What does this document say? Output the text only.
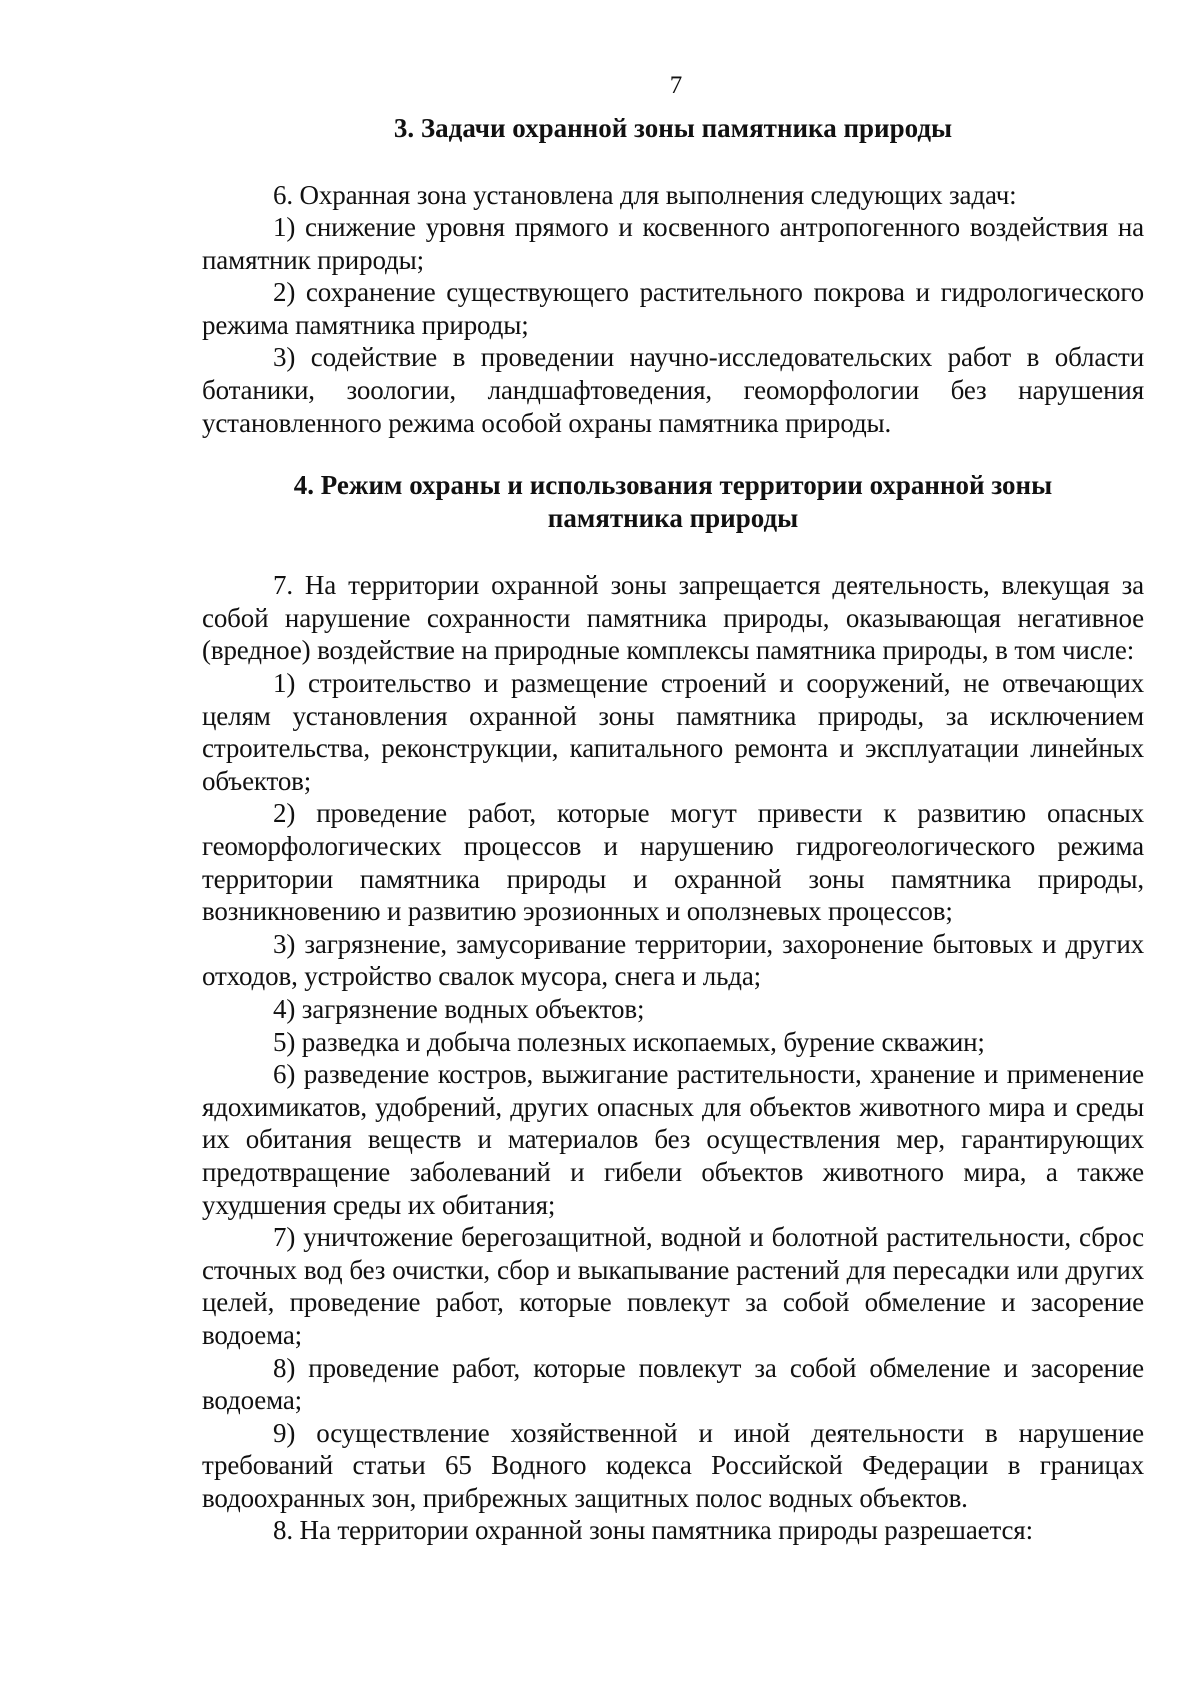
7
3. Задачи охранной зоны памятника природы

6. Охранная зона установлена для выполнения следующих задач:

1) снижение уровня прямого и косвенного антропогенного воздействия на памятник природы;

2) сохранение существующего растительного покрова и гидрологического режима памятника природы;

3) содействие в проведении научно-исследовательских работ в области ботаники, зоологии, ландшафтоведения, геоморфологии без нарушения установленного режима особой охраны памятника природы.

4. Режим охраны и использования территории охранной зоны
памятника природы

7. На территории охранной зоны запрещается деятельность, влекущая за собой нарушение сохранности памятника природы, оказывающая негативное (вредное) воздействие на природные комплексы памятника природы, в том числе:

1) строительство и размещение строений и сооружений, не отвечающих целям установления охранной зоны памятника природы, за исключением строительства, реконструкции, капитального ремонта и эксплуатации линейных объектов;

2) проведение работ, которые могут привести к развитию опасных геоморфологических процессов и нарушению гидрогеологического режима территории памятника природы и охранной зоны памятника природы, возникновению и развитию эрозионных и оползневых процессов;

3) загрязнение, замусоривание территории, захоронение бытовых и других отходов, устройство свалок мусора, снега и льда;

4) загрязнение водных объектов;

5) разведка и добыча полезных ископаемых, бурение скважин;

6) разведение костров, выжигание растительности, хранение и применение ядохимикатов, удобрений, других опасных для объектов животного мира и среды их обитания веществ и материалов без осуществления мер, гарантирующих предотвращение заболеваний и гибели объектов животного мира, а также ухудшения среды их обитания;

7) уничтожение берегозащитной, водной и болотной растительности, сброс сточных вод без очистки, сбор и выкапывание растений для пересадки или других целей, проведение работ, которые повлекут за собой обмеление и засорение водоема;

8) проведение работ, которые повлекут за собой обмеление и засорение водоема;

9) осуществление хозяйственной и иной деятельности в нарушение требований статьи 65 Водного кодекса Российской Федерации в границах водоохранных зон, прибрежных защитных полос водных объектов.

8. На территории охранной зоны памятника природы разрешается:
